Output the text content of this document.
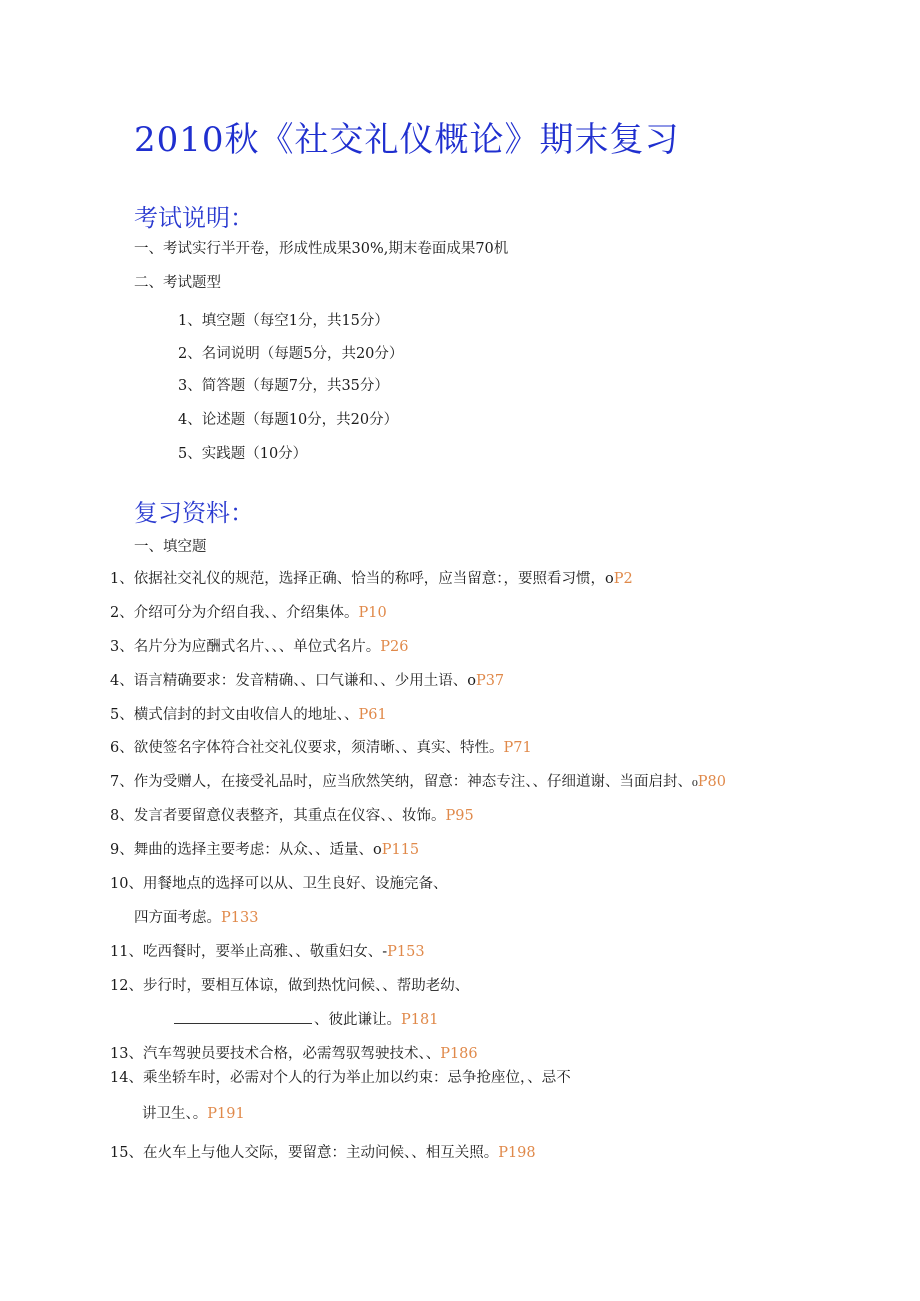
2010秋《社交礼仪概论》期末复习
考试说明：
一、考试实行半开卷，形成性成果30%,期末卷面成果70机
二、考试题型
1、填空题（每空1分，共15分）
2、名词说明（每题5分，共20分）
3、简答题（每题7分，共35分）
4、论述题（每题10分，共20分）
5、实践题（10分）
复习资料：
一、填空题
1、依据社交礼仪的规范，选择正确、恰当的称呼，应当留意：，要照看习惯，oP2
2、介绍可分为介绍自我、、介绍集体。P10
3、名片分为应酬式名片、、、单位式名片。P26
4、语言精确要求：发音精确、、口气谦和、、少用土语、oP37
5、横式信封的封文由收信人的地址、、P61
6、欲使签名字体符合社交礼仪要求，须清晰、、真实、特性。P71
7、作为受赠人，在接受礼品时，应当欣然笑纳，留意：神态专注、、仔细道谢、当面启封、₀P80
8、发言者要留意仪表整齐，其重点在仪容、、妆饰。P95
9、舞曲的选择主要考虑：从众、、适量、oP115
10、用餐地点的选择可以从、卫生良好、设施完备、
四方面考虑。P133
11、吃西餐时，要举止高雅、、敬重妇女、-P153
12、步行时，要相互体谅，做到热忱问候、、帮助老幼、
、彼此谦让。P181
13、汽车驾驶员要技术合格，必需驾驭驾驶技术、、P186
14、乘坐轿车时，必需对个人的行为举止加以约束：忌争抢座位，、忌不
讲卫生、。P191
15、在火车上与他人交际，要留意：主动问候、、相互关照。P198
